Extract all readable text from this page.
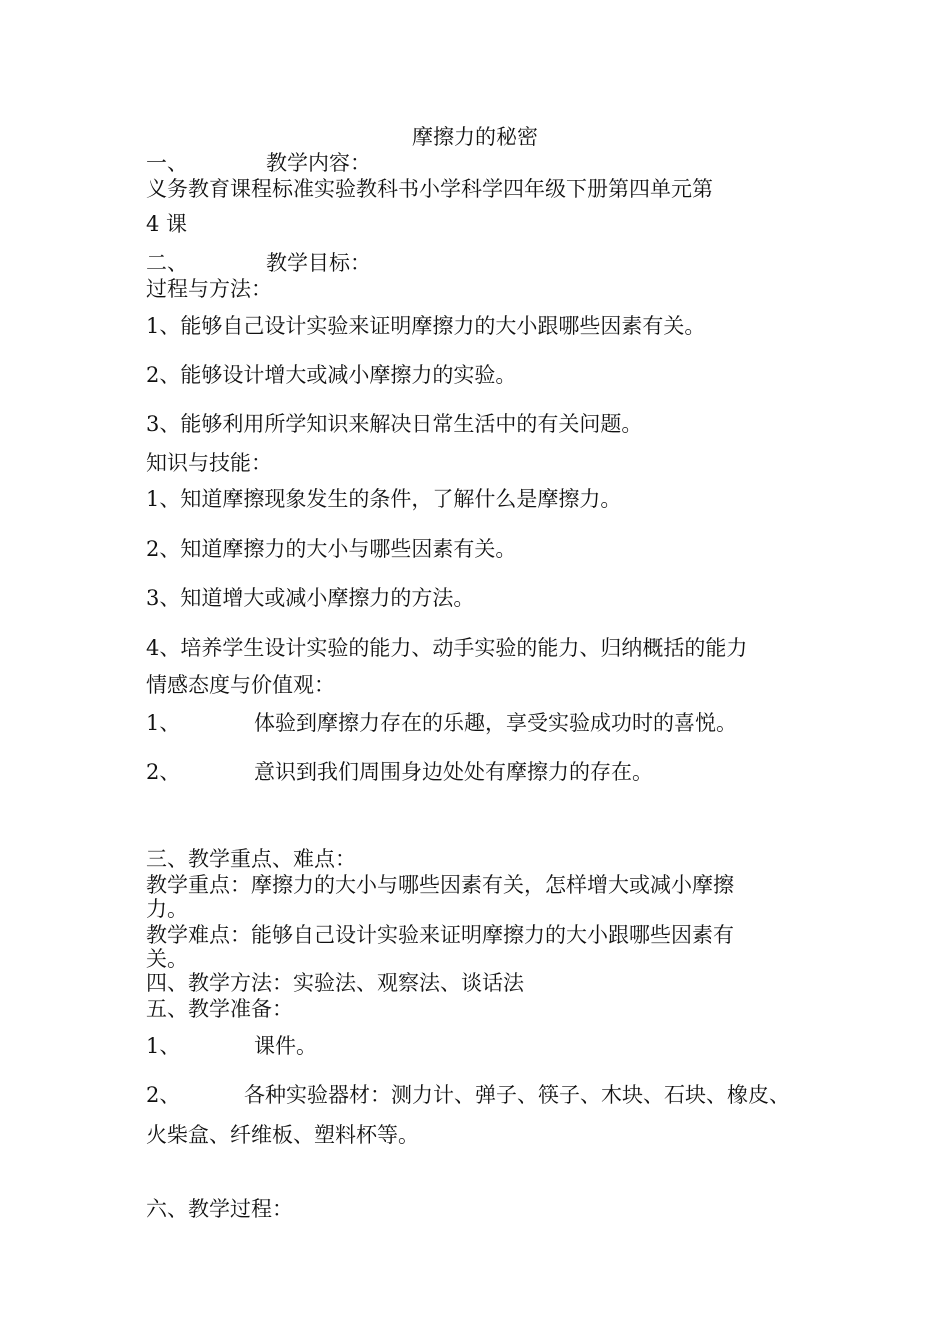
摩擦力的秘密
一、	教学内容：
义务教育课程标准实验教科书小学科学四年级下册第四单元第
4 课
二、	教学目标：
过程与方法：
1、能够自己设计实验来证明摩擦力的大小跟哪些因素有关。
2、能够设计增大或减小摩擦力的实验。
3、能够利用所学知识来解决日常生活中的有关问题。
知识与技能：
1、知道摩擦现象发生的条件，了解什么是摩擦力。
2、知道摩擦力的大小与哪些因素有关。
3、知道增大或减小摩擦力的方法。
4、培养学生设计实验的能力、动手实验的能力、归纳概括的能力
情感态度与价值观：
1、	体验到摩擦力存在的乐趣，享受实验成功时的喜悦。
2、	意识到我们周围身边处处有摩擦力的存在。
三、教学重点、难点：
教学重点：摩擦力的大小与哪些因素有关，怎样增大或减小摩擦
力。
教学难点：能够自己设计实验来证明摩擦力的大小跟哪些因素有
关。
四、教学方法：实验法、观察法、谈话法
五、教学准备：
1、	课件。
2、	各种实验器材：测力计、弹子、筷子、木块、石块、橡皮、
火柴盒、纤维板、塑料杯等。
六、教学过程：
